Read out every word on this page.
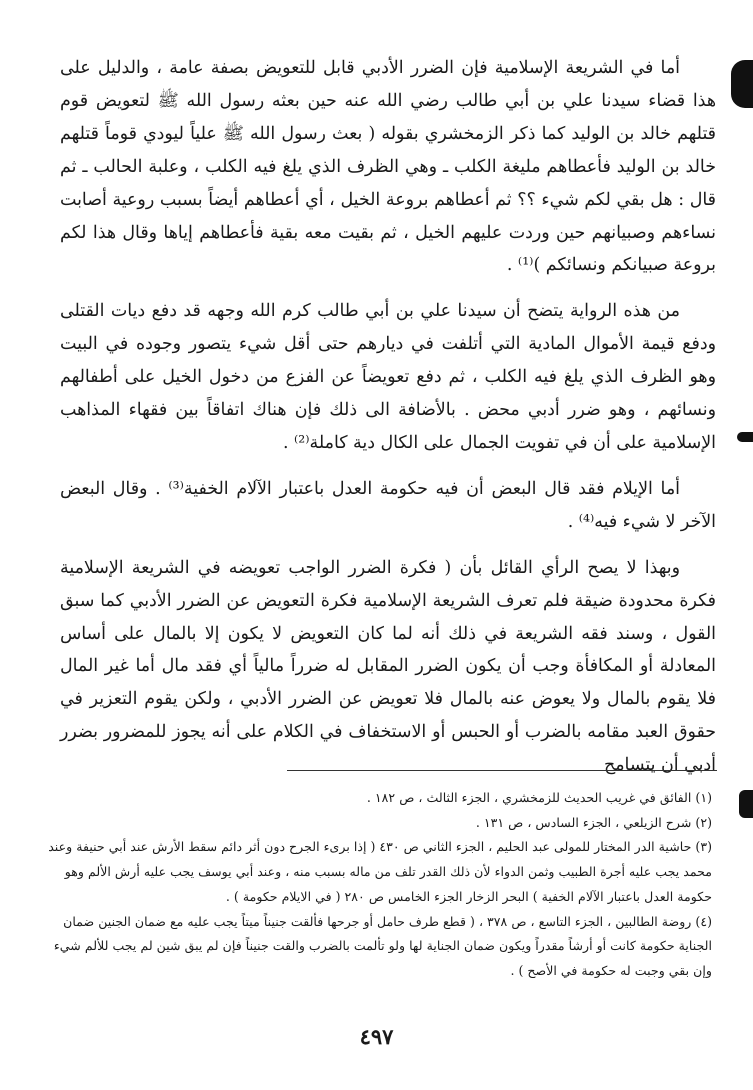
أما في الشريعة الإسلامية فإن الضرر الأدبي قابل للتعويض بصفة عامة ، والدليل على هذا قضاء سيدنا علي بن أبي طالب رضي الله عنه حين بعثه رسول الله ﷺ لتعويض قوم قتلهم خالد بن الوليد كما ذكر الزمخشري بقوله ( بعث رسول الله ﷺ علياً ليودي قوماً قتلهم خالد بن الوليد فأعطاهم مليغة الكلب ـ وهي الظرف الذي يلغ فيه الكلب ، وعلبة الحالب ـ ثم قال : هل بقي لكم شيء ؟؟ ثم أعطاهم بروعة الخيل ، أي أعطاهم أيضاً بسبب روعية أصابت نساءهم وصبيانهم حين وردت عليهم الخيل ، ثم بقيت معه بقية فأعطاهم إياها وقال هذا لكم بروعة صبيانكم ونسائكم )⁽¹⁾ .

من هذه الرواية يتضح أن سيدنا علي بن أبي طالب كرم الله وجهه قد دفع ديات القتلى ودفع قيمة الأموال المادية التي أتلفت في ديارهم حتى أقل شيء يتصور وجوده في البيت وهو الظرف الذي يلغ فيه الكلب ، ثم دفع تعويضاً عن الفزع من دخول الخيل على أطفالهم ونسائهم ، وهو ضرر أدبي محض . بالأضافة الى ذلك فإن هناك اتفاقاً بين فقهاء المذاهب الإسلامية على أن في تفويت الجمال على الكال دية كاملة⁽²⁾ .

أما الإيلام فقد قال البعض أن فيه حكومة العدل باعتبار الآلام الخفية⁽³⁾ . وقال البعض الآخر لا شيء فيه⁽⁴⁾ .

وبهذا لا يصح الرأي القائل بأن ( فكرة الضرر الواجب تعويضه في الشريعة الإسلامية فكرة محدودة ضيقة فلم تعرف الشريعة الإسلامية فكرة التعويض عن الضرر الأدبي كما سبق القول ، وسند فقه الشريعة في ذلك أنه لما كان التعويض لا يكون إلا بالمال على أساس المعادلة أو المكافأة وجب أن يكون الضرر المقابل له ضرراً مالياً أي فقد مال أما غير المال فلا يقوم بالمال ولا يعوض عنه بالمال فلا تعويض عن الضرر الأدبي ، ولكن يقوم التعزير في حقوق العبد مقامه بالضرب أو الحبس أو الاستخفاف في الكلام على أنه يجوز للمضرور بضرر أدبي أن يتسامح

(١) الفائق في غريب الحديث للزمخشري ، الجزء الثالث ، ص ١٨٢ .

(٢) شرح الزيلعي ، الجزء السادس ، ص ١٣١ .

(٣) حاشية الدر المختار للمولى عبد الحليم ، الجزء الثاني ص ٤٣٠ ( إذا برىء الجرح دون أثر دائم سقط الأرش عند أبي حنيفة وعند محمد يجب عليه أجرة الطبيب وثمن الدواء لأن ذلك القدر تلف من ماله بسبب منه ، وعند أبي يوسف يجب عليه أرش الألم وهو حكومة العدل باعتبار الآلام الخفية ) البحر الزخار الجزء الخامس ص ٢٨٠ ( في الايلام حكومة ) .

(٤) روضة الطالبين ، الجزء التاسع ، ص ٣٧٨ ، ( قطع طرف حامل أو جرحها فألقت جنيناً ميتاً يجب عليه مع ضمان الجنين ضمان الجناية حكومة كانت أو أرشاً مقدراً ويكون ضمان الجناية لها ولو تألمت بالضرب والقت جنيناً فإن لم يبق شين لم يجب للألم شيء وإن بقي وجبت له حكومة في الأصح ) .

٤٩٧
